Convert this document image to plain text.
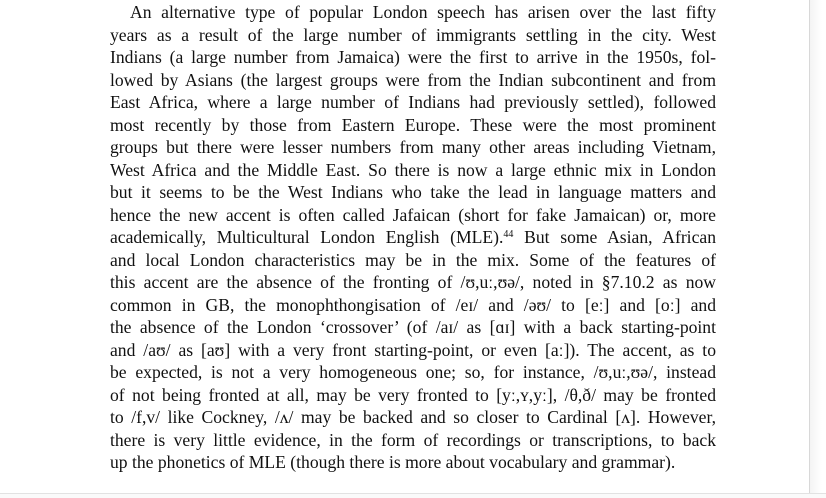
An alternative type of popular London speech has arisen over the last fifty
years as a result of the large number of immigrants settling in the city. West
Indians (a large number from Jamaica) were the first to arrive in the 1950s, fol-
lowed by Asians (the largest groups were from the Indian subcontinent and from
East Africa, where a large number of Indians had previously settled), followed
most recently by those from Eastern Europe. These were the most prominent
groups but there were lesser numbers from many other areas including Vietnam,
West Africa and the Middle East. So there is now a large ethnic mix in London
but it seems to be the West Indians who take the lead in language matters and
hence the new accent is often called Jafaican (short for fake Jamaican) or, more
academically, Multicultural London English (MLE).$^{44}$ But some Asian, African
and local London characteristics may be in the mix. Some of the features of
this accent are the absence of the fronting of /ʊ,uː,ʊə/, noted in §7.10.2 as now
common in GB, the monophthongisation of /eɪ/ and /əʊ/ to [eː] and [oː] and
the absence of the London ‘crossover’ (of /aɪ/ as [ɑɪ] with a back starting-point
and /aʊ/ as [aʊ] with a very front starting-point, or even [aː]). The accent, as to
be expected, is not a very homogeneous one; so, for instance, /ʊ,uː,ʊə/, instead
of not being fronted at all, may be very fronted to [yː,ʏ,yː], /θ,ð/ may be fronted
to /f,v/ like Cockney, /ʌ/ may be backed and so closer to Cardinal [ʌ]. However,
there is very little evidence, in the form of recordings or transcriptions, to back
up the phonetics of MLE (though there is more about vocabulary and grammar).
